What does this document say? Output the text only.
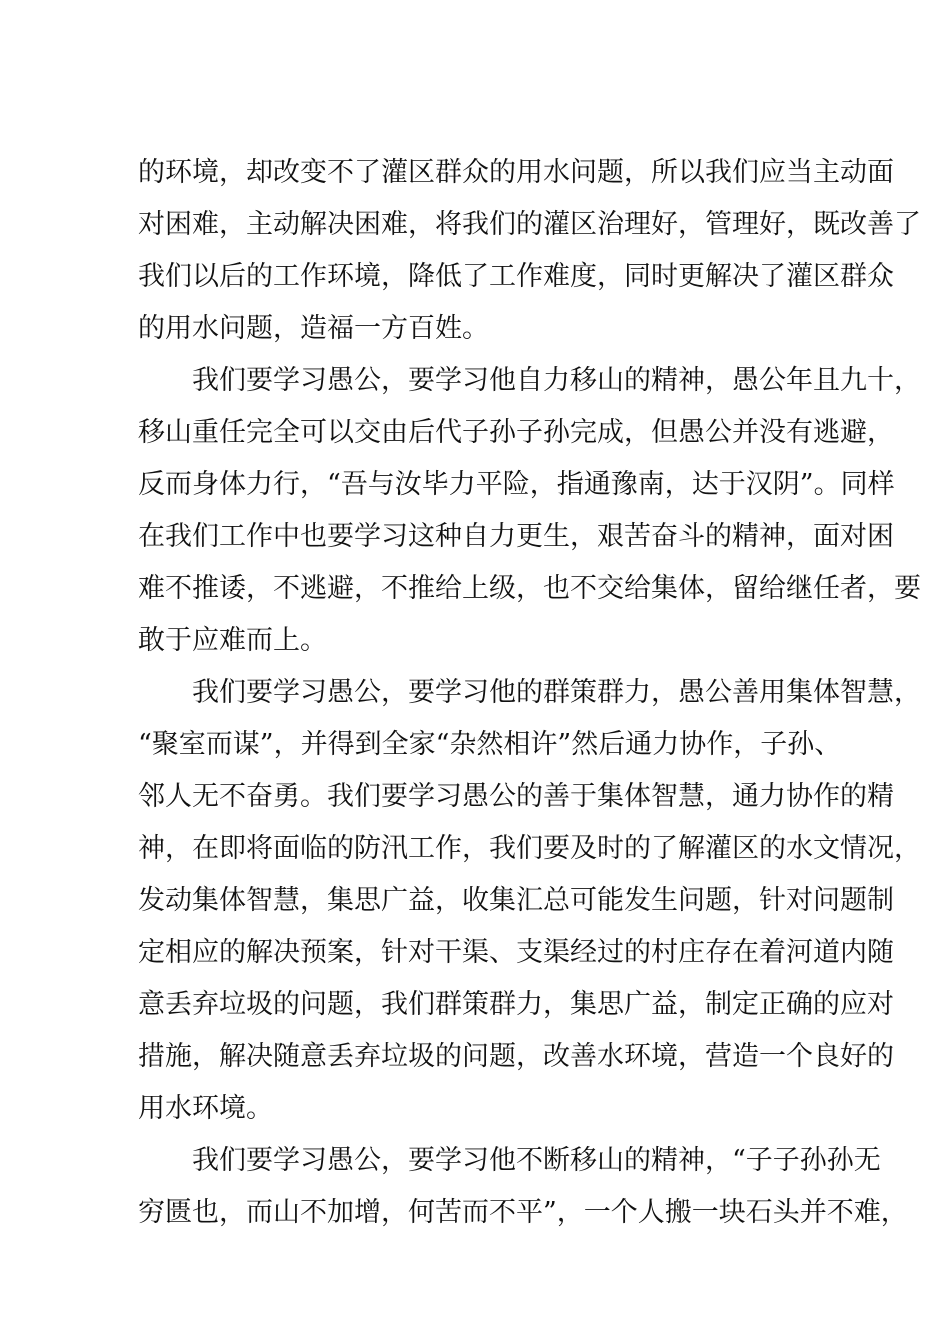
的环境，却改变不了灌区群众的用水问题，所以我们应当主动面
对困难，主动解决困难，将我们的灌区治理好，管理好，既改善了
我们以后的工作环境，降低了工作难度，同时更解决了灌区群众
的用水问题，造福一方百姓。
　　我们要学习愚公，要学习他自力移山的精神，愚公年且九十，
移山重任完全可以交由后代子孙子孙完成，但愚公并没有逃避，
反而身体力行，“吾与汝毕力平险，指通豫南，达于汉阴”。同样
在我们工作中也要学习这种自力更生，艰苦奋斗的精神，面对困
难不推诿，不逃避，不推给上级，也不交给集体，留给继任者，要
敢于应难而上。
　　我们要学习愚公，要学习他的群策群力，愚公善用集体智慧，
“聚室而谋”，并得到全家“杂然相许”然后通力协作，子孙、
邻人无不奋勇。我们要学习愚公的善于集体智慧，通力协作的精
神，在即将面临的防汛工作，我们要及时的了解灌区的水文情况，
发动集体智慧，集思广益，收集汇总可能发生问题，针对问题制
定相应的解决预案，针对干渠、支渠经过的村庄存在着河道内随
意丢弃垃圾的问题，我们群策群力，集思广益，制定正确的应对
措施，解决随意丢弃垃圾的问题，改善水环境，营造一个良好的
用水环境。
　　我们要学习愚公，要学习他不断移山的精神，“子子孙孙无
穷匮也，而山不加增，何苦而不平”，一个人搬一块石头并不难，
